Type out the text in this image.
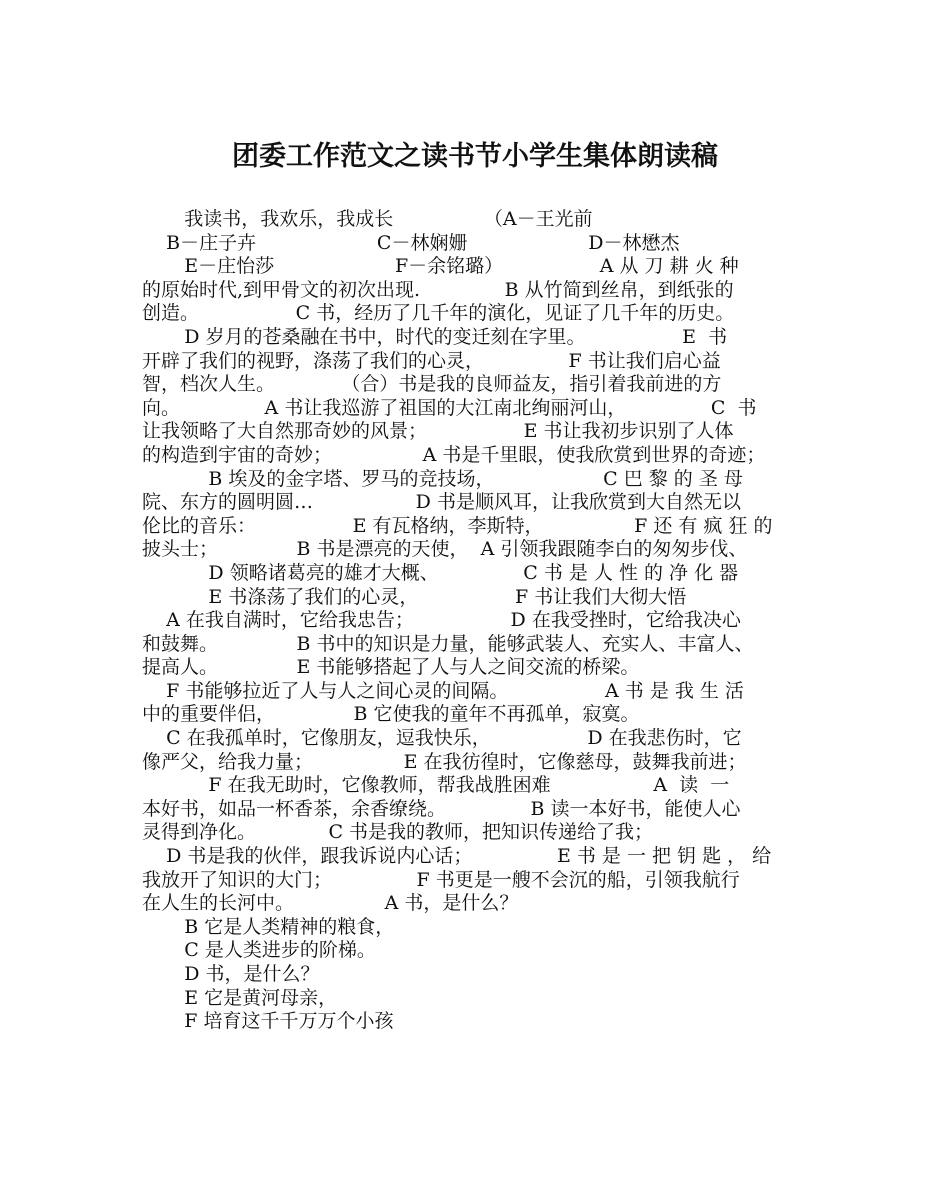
团委工作范文之读书节小学生集体朗读稿
我读书，我欢乐，我成长               （A－王光前
B－庄子卉                    C－林娴姗                    D－林懋杰
E－庄怡莎                    F－余铭璐）                A 从 刀 耕 火 种
的原始时代,到甲骨文的初次出现.              B 从竹简到丝帛，到纸张的
创造。                C 书，经历了几千年的演化，见证了几千年的历史。
D 岁月的苍桑融在书中，时代的变迁刻在字里。                E  书
开辟了我们的视野，涤荡了我们的心灵，              F 书让我们启心益
智，档次人生。           （合）书是我的良师益友，指引着我前进的方
向。              A 书让我巡游了祖国的大江南北绚丽河山，              C  书
让我领略了大自然那奇妙的风景；                E 书让我初步识别了人体
的构造到宇宙的奇妙；               A 书是千里眼，使我欣赏到世界的奇迹；
B 埃及的金字塔、罗马的竞技场，                  C 巴 黎 的 圣 母
院、东方的圆明圆…                 D 书是顺风耳，让我欣赏到大自然无以
伦比的音乐：                E 有瓦格纳，李斯特，               F 还 有 疯 狂 的
披头士；             B 书是漂亮的天使，  A 引领我跟随李白的匆匆步伐、
D 领略诸葛亮的雄才大概、              C 书 是 人 性 的 净 化 器
E 书涤荡了我们的心灵，                F 书让我们大彻大悟
A 在我自满时，它给我忠告；                D 在我受挫时，它给我决心
和鼓舞。             B 书中的知识是力量，能够武装人、充实人、丰富人、
提高人。             E 书能够搭起了人与人之间交流的桥梁。
F 书能够拉近了人与人之间心灵的间隔。                A 书 是 我 生 活
中的重要伴侣，             B 它使我的童年不再孤单，寂寞。
C 在我孤单时，它像朋友，逗我快乐，                D 在我悲伤时，它
像严父，给我力量；               E 在我彷徨时，它像慈母，鼓舞我前进；
F 在我无助时，它像教师，帮我战胜困难                 A  读  一
本好书，如品一杯香茶，余香缭绕。              B 读一本好书，能使人心
灵得到净化。            C 书是我的教师，把知识传递给了我；
D 书是我的伙伴，跟我诉说内心话；              E 书 是 一 把 钥 匙 ， 给
我放开了知识的大门；              F 书更是一艘不会沉的船，引领我航行
在人生的长河中。               A 书，是什么？
B 它是人类精神的粮食，
C 是人类进步的阶梯。
D 书，是什么？
E 它是黄河母亲，
F 培育这千千万万个小孩
